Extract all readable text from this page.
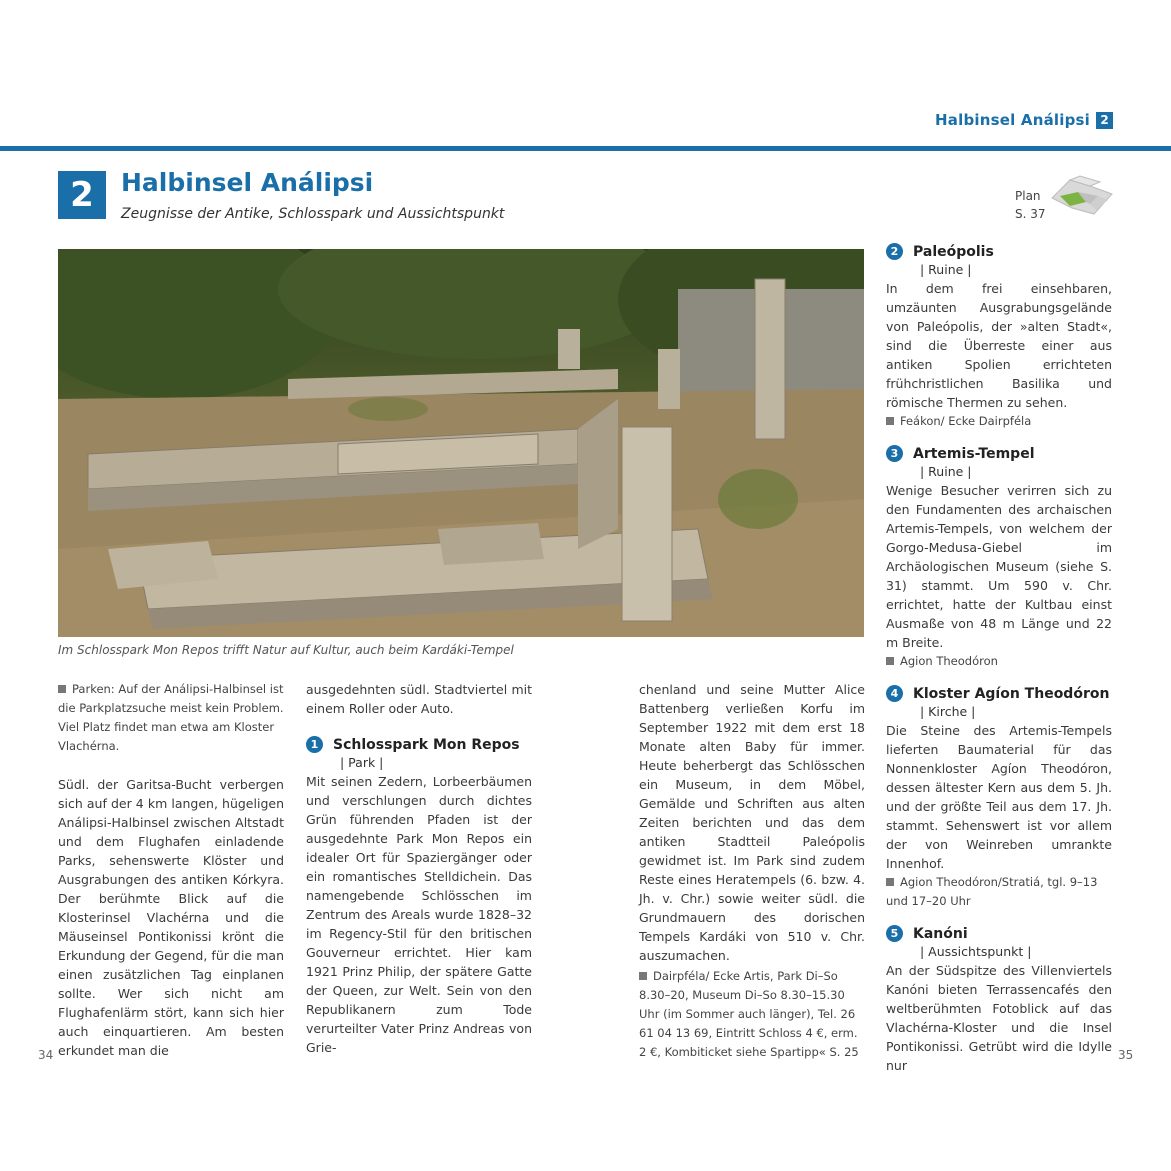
Halbinsel Análipsi 2
2	Halbinsel Análipsi
Zeugnisse der Antike, Schlosspark und Aussichtspunkt
Plan
S. 37
Im Schlosspark Mon Repos trifft Natur auf Kultur, auch beim Kardáki-Tempel

Parken: Auf der Análipsi-Halbinsel ist die Parkplatzsuche meist kein Problem. Viel Platz findet man etwa am Kloster Vlachérna.

Südl. der Garitsa-Bucht verbergen sich auf der 4 km langen, hügeligen Análipsi-Halbinsel zwischen Altstadt und dem Flughafen einladende Parks, sehenswerte Klöster und Ausgrabungen des antiken Kórkyra. Der berühmte Blick auf die Klosterinsel Vlachérna und die Mäuseinsel Pontikonissi krönt die Erkundung der Gegend, für die man einen zusätzlichen Tag einplanen sollte. Wer sich nicht am Flughafenlärm stört, kann sich hier auch einquartieren. Am besten erkundet man die

ausgedehnten südl. Stadtviertel mit einem Roller oder Auto.

1	Schlosspark Mon Repos
| Park |

Mit seinen Zedern, Lorbeerbäumen und verschlungen durch dichtes Grün führenden Pfaden ist der ausgedehnte Park Mon Repos ein idealer Ort für Spaziergänger oder ein romantisches Stelldichein. Das namengebende Schlösschen im Zentrum des Areals wurde 1828–32 im Regency-Stil für den britischen Gouverneur errichtet. Hier kam 1921 Prinz Philip, der spätere Gatte der Queen, zur Welt. Sein von den Republikanern zum Tode verurteilter Vater Prinz Andreas von Grie-

chenland und seine Mutter Alice Battenberg verließen Korfu im September 1922 mit dem erst 18 Monate alten Baby für immer. Heute beherbergt das Schlösschen ein Museum, in dem Möbel, Gemälde und Schriften aus alten Zeiten berichten und das dem antiken Stadtteil Paleópolis gewidmet ist. Im Park sind zudem Reste eines Heratempels (6. bzw. 4. Jh. v. Chr.) sowie weiter südl. die Grundmauern des dorischen Tempels Kardáki von 510 v. Chr. auszumachen.

Dairpféla/ Ecke Artis, Park Di–So 8.30–20, Museum Di–So 8.30–15.30 Uhr (im Sommer auch länger), Tel. 26 61 04 13 69, Eintritt Schloss 4 €, erm. 2 €, Kombiticket siehe Spartipp« S. 25

2	Paleópolis
| Ruine |

In dem frei einsehbaren, umzäunten Ausgrabungsgelände von Paleópolis, der »alten Stadt«, sind die Überreste einer aus antiken Spolien errichteten frühchristlichen Basilika und römische Thermen zu sehen.

Feákon/ Ecke Dairpféla

3	Artemis-Tempel
| Ruine |

Wenige Besucher verirren sich zu den Fundamenten des archaischen Artemis-Tempels, von welchem der Gorgo-Medusa-Giebel im Archäologischen Museum (siehe S. 31) stammt. Um 590 v. Chr. errichtet, hatte der Kultbau einst Ausmaße von 48 m Länge und 22 m Breite.

Agion Theodóron

4	Kloster Agíon Theodóron
| Kirche |

Die Steine des Artemis-Tempels lieferten Baumaterial für das Nonnenkloster Agíon Theodóron, dessen ältester Kern aus dem 5. Jh. und der größte Teil aus dem 17. Jh. stammt. Sehenswert ist vor allem der von Weinreben umrankte Innenhof.

Agion Theodóron/Stratiá, tgl. 9–13 und 17–20 Uhr

5	Kanóni
| Aussichtspunkt |

An der Südspitze des Villenviertels Kanóni bieten Terrassencafés den weltberühmten Fotoblick auf das Vlachérna-Kloster und die Insel Pontikonissi. Getrübt wird die Idylle nur

34	35
